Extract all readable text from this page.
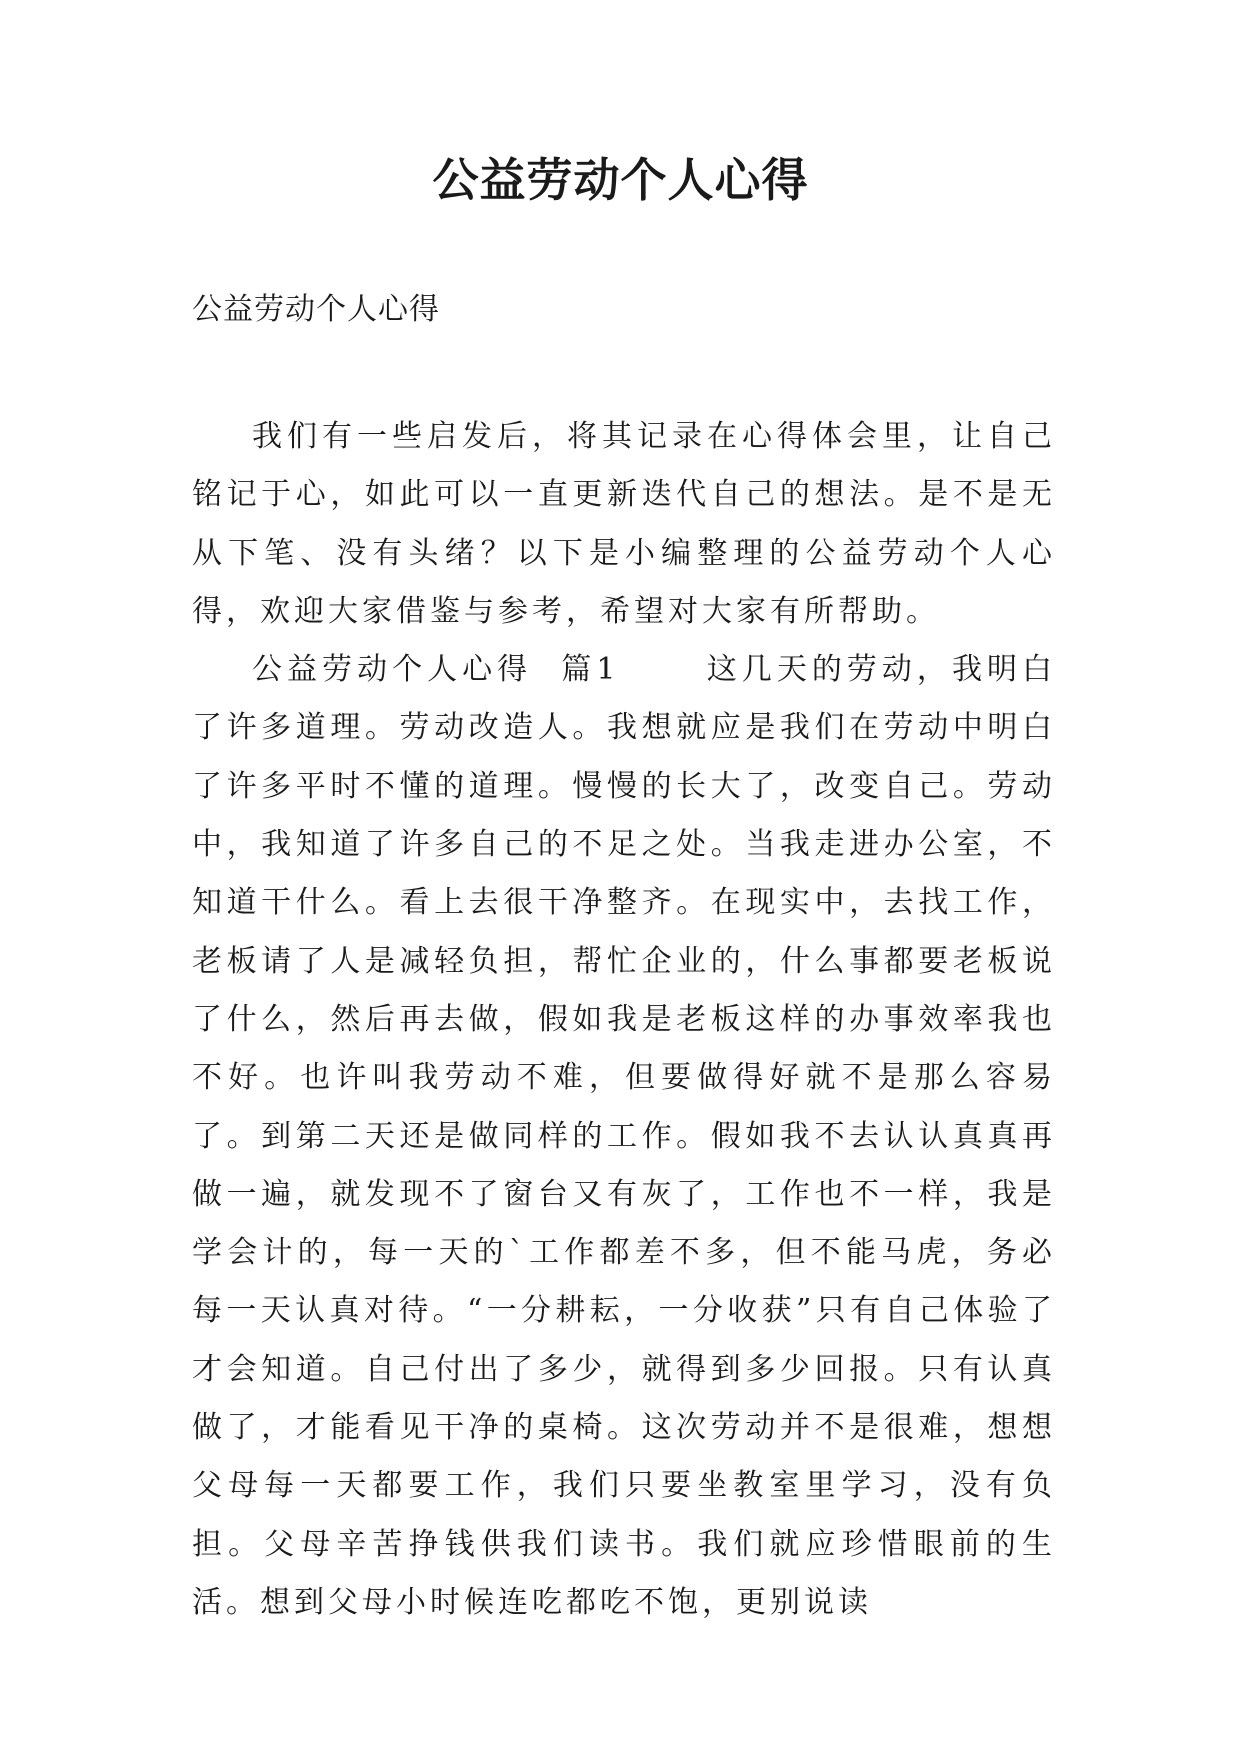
公益劳动个人心得

公益劳动个人心得

我们有一些启发后，将其记录在心得体会里，让自己铭记于心，如此可以一直更新迭代自己的想法。是不是无从下笔、没有头绪？以下是小编整理的公益劳动个人心得，欢迎大家借鉴与参考，希望对大家有所帮助。

公益劳动个人心得  篇1      这几天的劳动，我明白了许多道理。劳动改造人。我想就应是我们在劳动中明白了许多平时不懂的道理。慢慢的长大了，改变自己。劳动中，我知道了许多自己的不足之处。当我走进办公室，不知道干什么。看上去很干净整齐。在现实中，去找工作，老板请了人是减轻负担，帮忙企业的，什么事都要老板说了什么，然后再去做，假如我是老板这样的办事效率我也不好。也许叫我劳动不难，但要做得好就不是那么容易了。到第二天还是做同样的工作。假如我不去认认真真再做一遍，就发现不了窗台又有灰了，工作也不一样，我是学会计的，每一天的`工作都差不多，但不能马虎，务必每一天认真对待。“一分耕耘，一分收获”只有自己体验了才会知道。自己付出了多少，就得到多少回报。只有认真做了，才能看见干净的桌椅。这次劳动并不是很难，想想父母每一天都要工作，我们只要坐教室里学习，没有负担。父母辛苦挣钱供我们读书。我们就应珍惜眼前的生活。想到父母小时候连吃都吃不饱，更别说读
